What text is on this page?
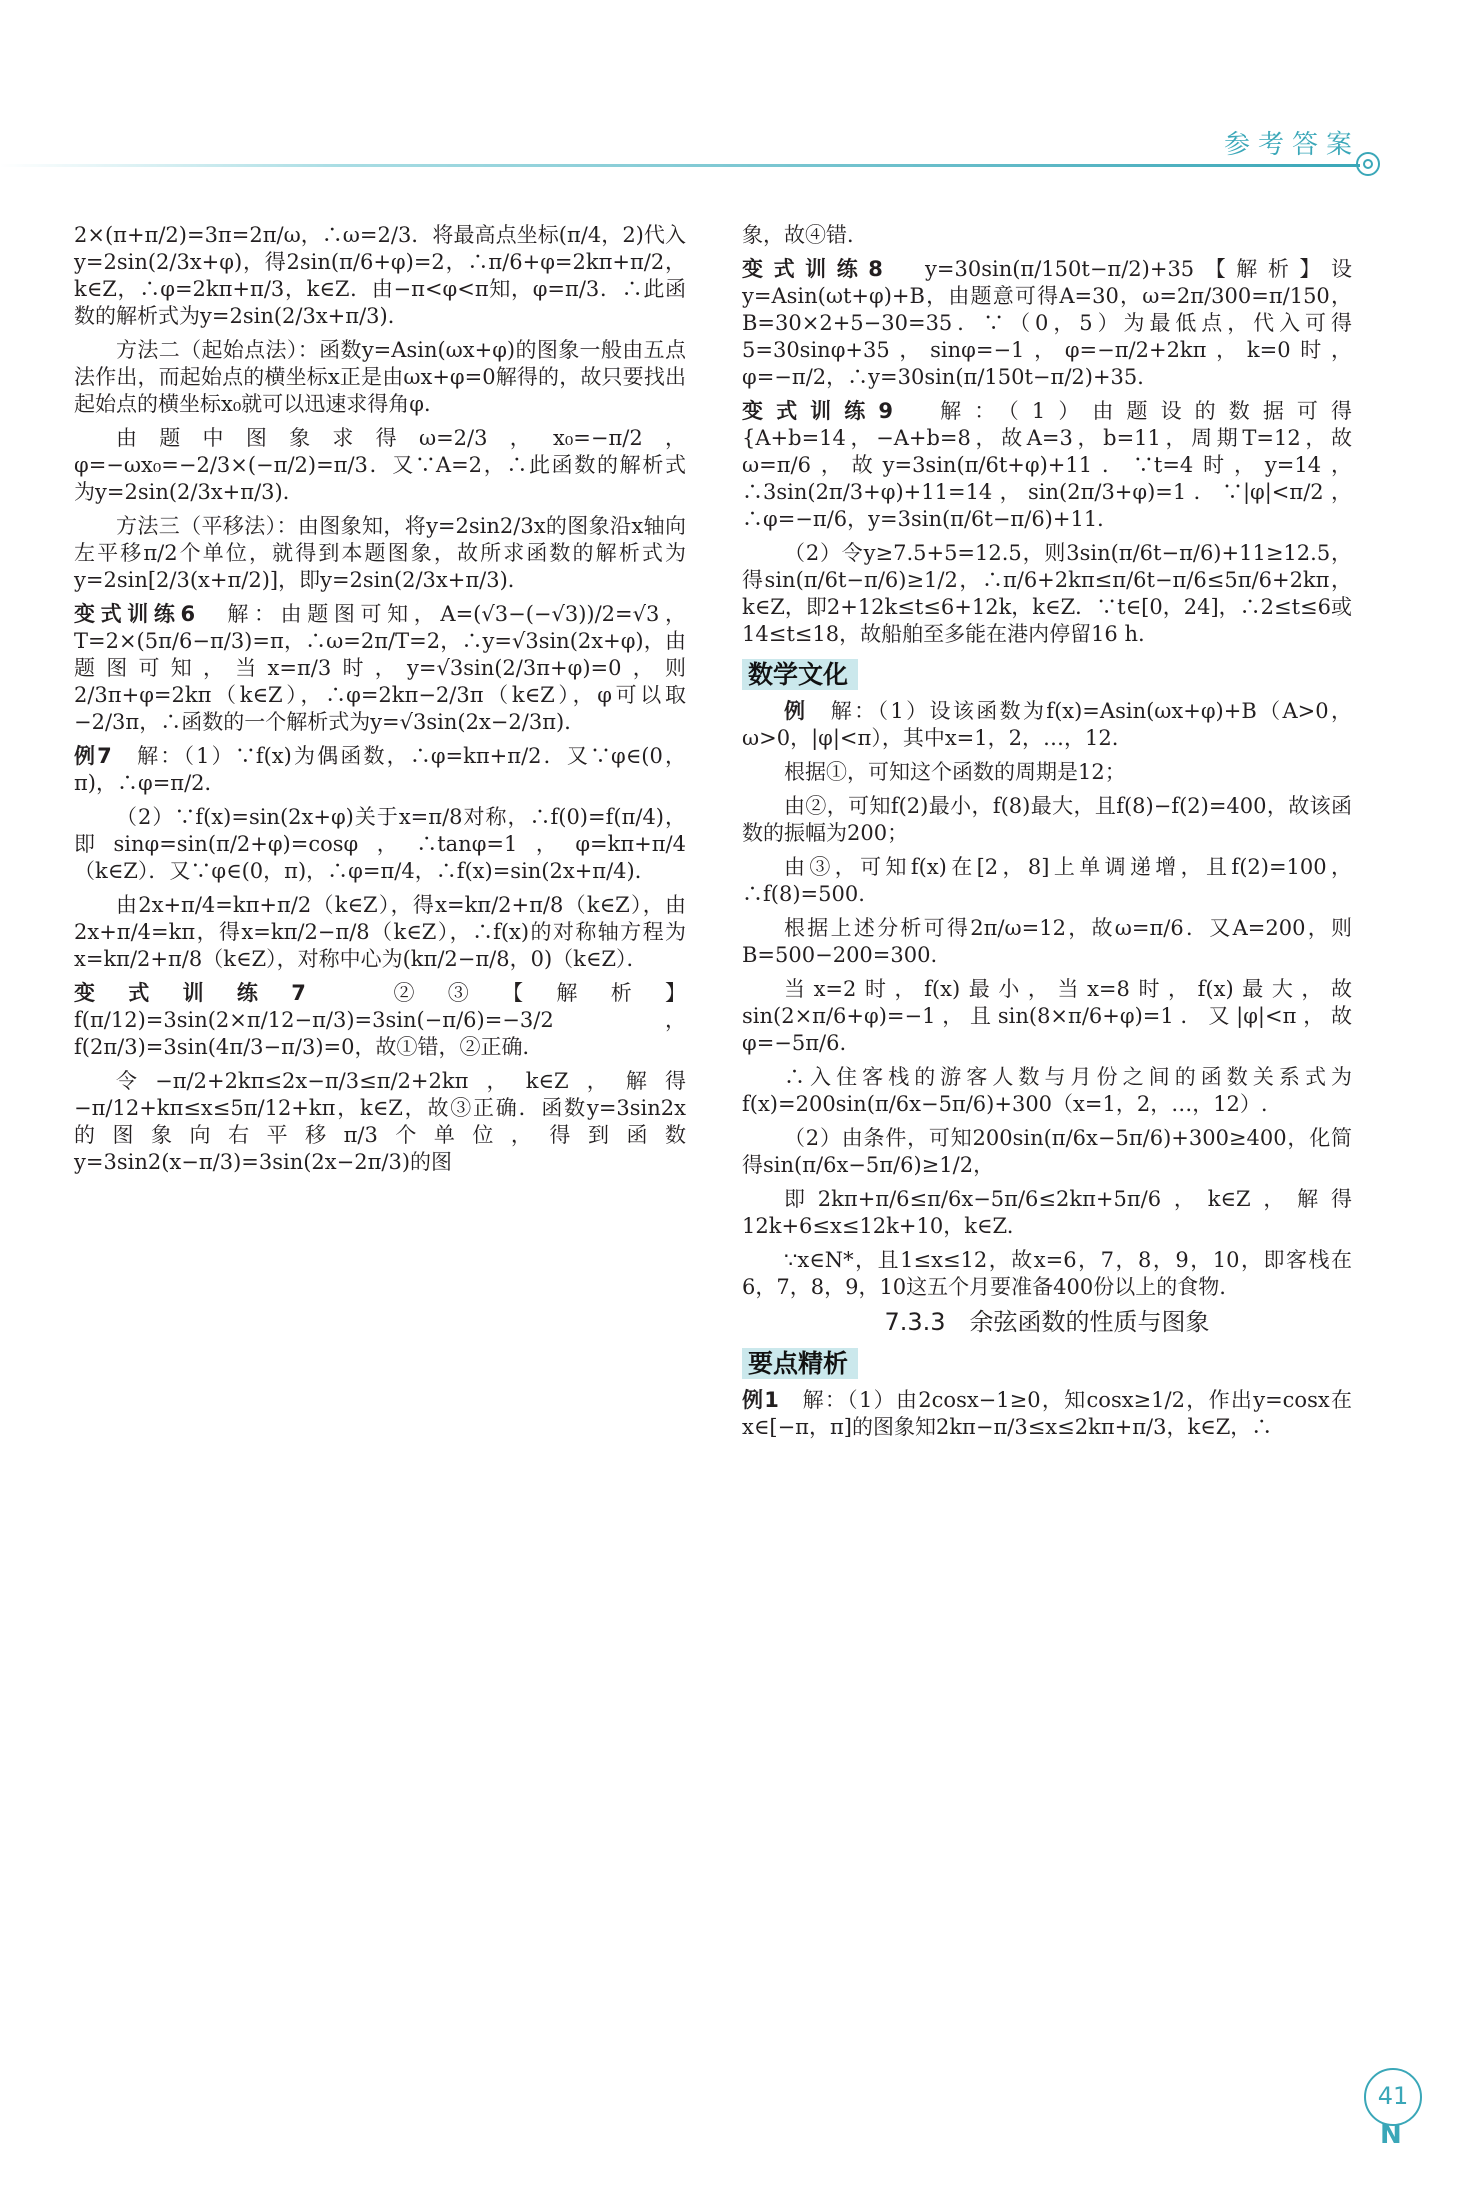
参考答案

2×(π+π/2)=3π=2π/ω，∴ω=2/3．将最高点坐标(π/4，2)代入y=2sin(2/3x+φ)，得2sin(π/6+φ)=2，∴π/6+φ=2kπ+π/2，k∈Z，∴φ=2kπ+π/3，k∈Z．由−π<φ<π知，φ=π/3．∴此函数的解析式为y=2sin(2/3x+π/3)．

方法二（起始点法）：函数y=Asin(ωx+φ)的图象一般由五点法作出，而起始点的横坐标x正是由ωx+φ=0解得的，故只要找出起始点的横坐标x₀就可以迅速求得角φ．

由题中图象求得ω=2/3，x₀=−π/2，φ=−ωx₀=−2/3×(−π/2)=π/3．又∵A=2，∴此函数的解析式为y=2sin(2/3x+π/3)．

方法三（平移法）：由图象知，将y=2sin2/3x的图象沿x轴向左平移π/2个单位，就得到本题图象，故所求函数的解析式为y=2sin[2/3(x+π/2)]，即y=2sin(2/3x+π/3)．

变式训练6　 解：由题图可知，A=(√3−(−√3))/2=√3，T=2×(5π/6−π/3)=π，∴ω=2π/T=2，∴y=√3sin(2x+φ)，由题图可知，当x=π/3时，y=√3sin(2/3π+φ)=0，则2/3π+φ=2kπ（k∈Z），∴φ=2kπ−2/3π（k∈Z），φ可以取−2/3π，∴函数的一个解析式为y=√3sin(2x−2/3π)．

例7　 解：（1）∵f(x)为偶函数，∴φ=kπ+π/2．又∵φ∈(0，π)，∴φ=π/2．

（2）∵f(x)=sin(2x+φ)关于x=π/8对称，∴f(0)=f(π/4)，即sinφ=sin(π/2+φ)=cosφ，∴tanφ=1，φ=kπ+π/4（k∈Z）．又∵φ∈(0，π)，∴φ=π/4，∴f(x)=sin(2x+π/4)．

由2x+π/4=kπ+π/2（k∈Z），得x=kπ/2+π/8（k∈Z），由2x+π/4=kπ，得x=kπ/2−π/8（k∈Z），∴f(x)的对称轴方程为x=kπ/2+π/8（k∈Z），对称中心为(kπ/2−π/8，0)（k∈Z）．

变式训练7　	②③【解析】f(π/12)=3sin(2×π/12−π/3)=3sin(−π/6)=−3/2，f(2π/3)=3sin(4π/3−π/3)=0，故①错，②正确．

令−π/2+2kπ≤2x−π/3≤π/2+2kπ，k∈Z，解得−π/12+kπ≤x≤5π/12+kπ，k∈Z，故③正确．函数y=3sin2x的图象向右平移π/3个单位，得到函数y=3sin2(x−π/3)=3sin(2x−2π/3)的图

象，故④错．

变式训练8　 y=30sin(π/150t−π/2)+35【解析】设y=Asin(ωt+φ)+B，由题意可得A=30，ω=2π/300=π/150，B=30×2+5−30=35．∵（0，5）为最低点，代入可得5=30sinφ+35，sinφ=−1，φ=−π/2+2kπ，k=0时，φ=−π/2，∴y=30sin(π/150t−π/2)+35．

变式训练9　 解：（1）由题设的数据可得{A+b=14，−A+b=8，故A=3，b=11，周期T=12，故ω=π/6，故y=3sin(π/6t+φ)+11．∵t=4时，y=14，∴3sin(2π/3+φ)+11=14，sin(2π/3+φ)=1．∵|φ|<π/2，∴φ=−π/6，y=3sin(π/6t−π/6)+11．

（2）令y≥7.5+5=12.5，则3sin(π/6t−π/6)+11≥12.5，得sin(π/6t−π/6)≥1/2，∴π/6+2kπ≤π/6t−π/6≤5π/6+2kπ，k∈Z，即2+12k≤t≤6+12k，k∈Z．∵t∈[0，24]，∴2≤t≤6或14≤t≤18，故船舶至多能在港内停留16 h.

数学文化

例　 解：（1）设该函数为f(x)=Asin(ωx+φ)+B（A>0，ω>0，|φ|<π），其中x=1，2，…，12.

根据①，可知这个函数的周期是12；

由②，可知f(2)最小，f(8)最大，且f(8)−f(2)=400，故该函数的振幅为200；

由③，可知f(x)在[2，8]上单调递增，且f(2)=100，∴f(8)=500.

根据上述分析可得2π/ω=12，故ω=π/6．又A=200，则B=500−200=300.

当x=2时，f(x)最小，当x=8时，f(x)最大，故sin(2×π/6+φ)=−1，且sin(8×π/6+φ)=1．又|φ|<π，故φ=−5π/6.

∴入住客栈的游客人数与月份之间的函数关系式为f(x)=200sin(π/6x−5π/6)+300（x=1，2，…，12）.

（2）由条件，可知200sin(π/6x−5π/6)+300≥400，化简得sin(π/6x−5π/6)≥1/2，

即2kπ+π/6≤π/6x−5π/6≤2kπ+5π/6，k∈Z，解得12k+6≤x≤12k+10，k∈Z.

∵x∈N*，且1≤x≤12，故x=6，7，8，9，10，即客栈在6，7，8，9，10这五个月要准备400份以上的食物.

7.3.3　余弦函数的性质与图象
要点精析

例1　 解：（1）由2cosx−1≥0，知cosx≥1/2，作出y=cosx在x∈[−π，π]的图象知2kπ−π/3≤x≤2kπ+π/3，k∈Z，∴

41
N
